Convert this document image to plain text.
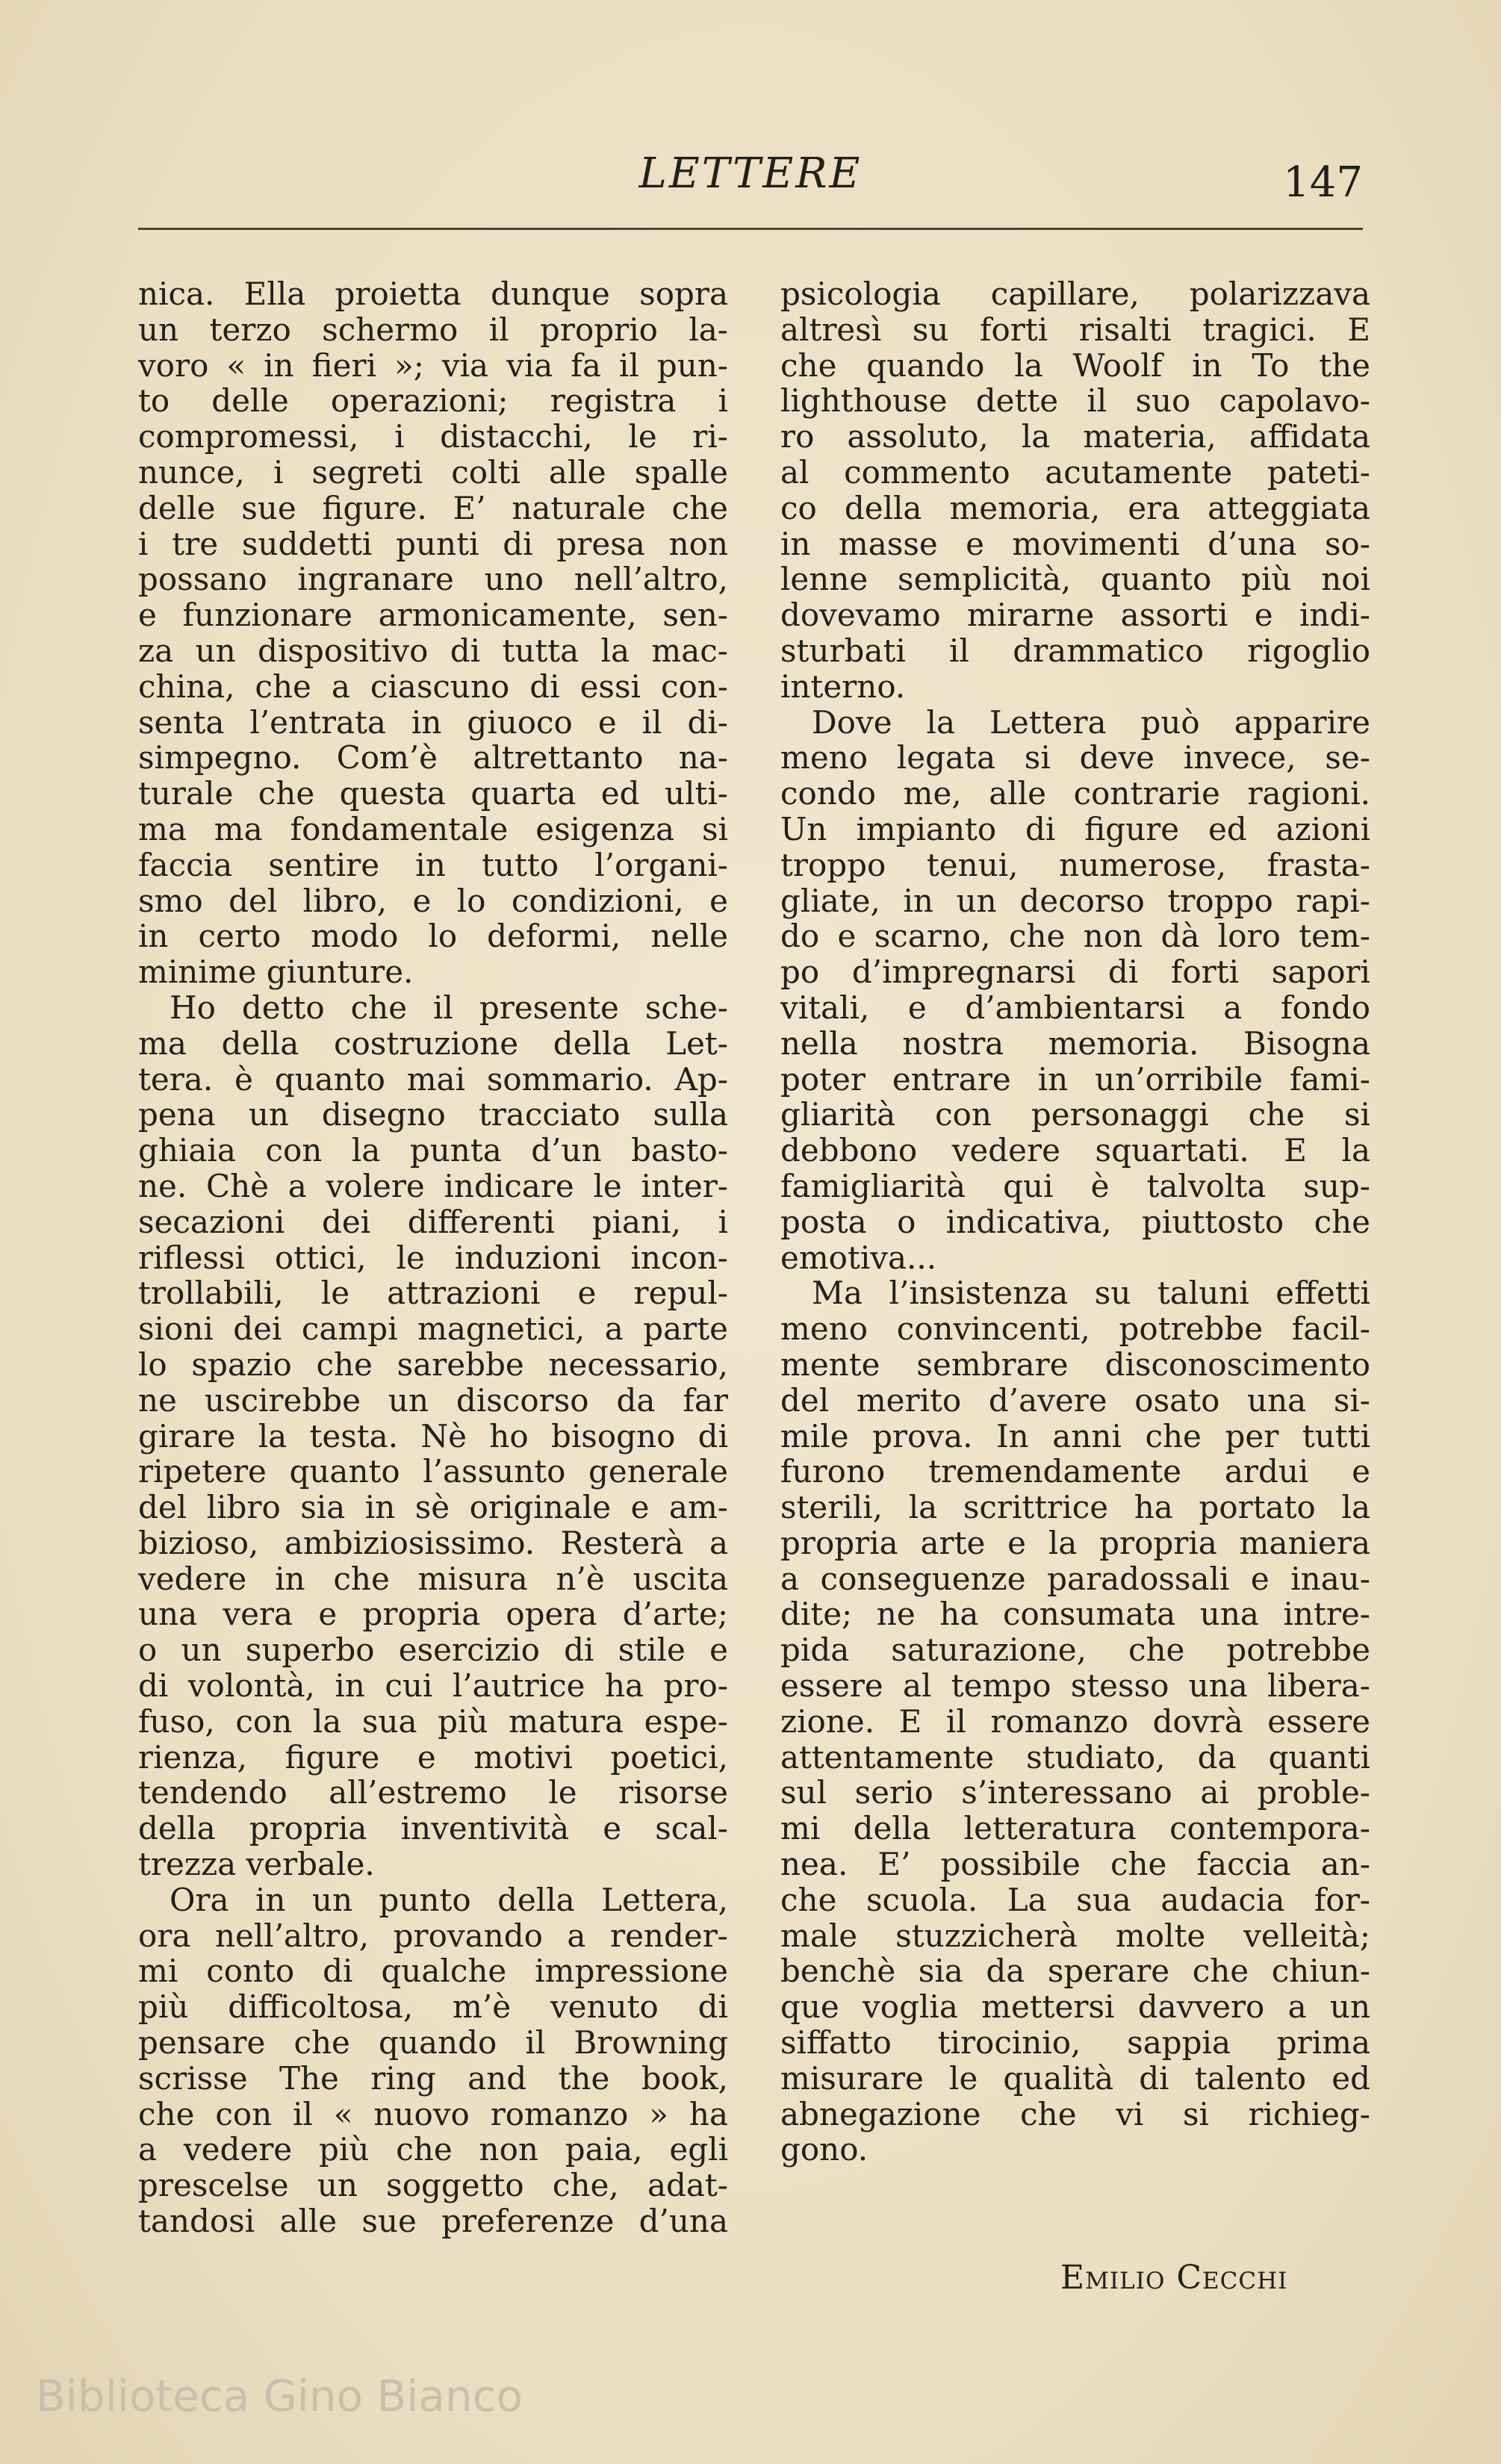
LETTERE	147
nica. Ella proietta dunque sopra
un terzo schermo il proprio la-
voro « in fieri »; via via fa il pun-
to delle operazioni; registra i
compromessi, i distacchi, le ri-
nunce, i segreti colti alle spalle
delle sue figure. E’ naturale che
i tre suddetti punti di presa non
possano ingranare uno nell’altro,
e funzionare armonicamente, sen-
za un dispositivo di tutta la mac-
china, che a ciascuno di essi con-
senta l’entrata in giuoco e il di-
simpegno. Com’è altrettanto na-
turale che questa quarta ed ulti-
ma ma fondamentale esigenza si
faccia sentire in tutto l’organi-
smo del libro, e lo condizioni, e
in certo modo lo deformi, nelle
minime giunture.
Ho detto che il presente sche-
ma della costruzione della Let-
tera. è quanto mai sommario. Ap-
pena un disegno tracciato sulla
ghiaia con la punta d’un basto-
ne. Chè a volere indicare le inter-
secazioni dei differenti piani, i
riflessi ottici, le induzioni incon-
trollabili, le attrazioni e repul-
sioni dei campi magnetici, a parte
lo spazio che sarebbe necessario,
ne uscirebbe un discorso da far
girare la testa. Nè ho bisogno di
ripetere quanto l’assunto generale
del libro sia in sè originale e am-
bizioso, ambiziosissimo. Resterà a
vedere in che misura n’è uscita
una vera e propria opera d’arte;
o un superbo esercizio di stile e
di volontà, in cui l’autrice ha pro-
fuso, con la sua più matura espe-
rienza, figure e motivi poetici,
tendendo all’estremo le risorse
della propria inventività e scal-
trezza verbale.
Ora in un punto della Lettera,
ora nell’altro, provando a render-
mi conto di qualche impressione
più difficoltosa, m’è venuto di
pensare che quando il Browning
scrisse The ring and the book,
che con il « nuovo romanzo » ha
a vedere più che non paia, egli
prescelse un soggetto che, adat-
tandosi alle sue preferenze d’una
psicologia capillare, polarizzava
altresì su forti risalti tragici. E
che quando la Woolf in To the
lighthouse dette il suo capolavo-
ro assoluto, la materia, affidata
al commento acutamente pateti-
co della memoria, era atteggiata
in masse e movimenti d’una so-
lenne semplicità, quanto più noi
dovevamo mirarne assorti e indi-
sturbati il drammatico rigoglio
interno.
Dove la Lettera può apparire
meno legata si deve invece, se-
condo me, alle contrarie ragioni.
Un impianto di figure ed azioni
troppo tenui, numerose, frasta-
gliate, in un decorso troppo rapi-
do e scarno, che non dà loro tem-
po d’impregnarsi di forti sapori
vitali, e d’ambientarsi a fondo
nella nostra memoria. Bisogna
poter entrare in un’orribile fami-
gliarità con personaggi che si
debbono vedere squartati. E la
famigliarità qui è talvolta sup-
posta o indicativa, piuttosto che
emotiva...
Ma l’insistenza su taluni effetti
meno convincenti, potrebbe facil-
mente sembrare disconoscimento
del merito d’avere osato una si-
mile prova. In anni che per tutti
furono tremendamente ardui e
sterili, la scrittrice ha portato la
propria arte e la propria maniera
a conseguenze paradossali e inau-
dite; ne ha consumata una intre-
pida saturazione, che potrebbe
essere al tempo stesso una libera-
zione. E il romanzo dovrà essere
attentamente studiato, da quanti
sul serio s’interessano ai proble-
mi della letteratura contempora-
nea. E’ possibile che faccia an-
che scuola. La sua audacia for-
male stuzzicherà molte velleità;
benchè sia da sperare che chiun-
que voglia mettersi davvero a un
siffatto tirocinio, sappia prima
misurare le qualità di talento ed
abnegazione che vi si richieg-
gono.
Emilio Cecchi
Biblioteca Gino Bianco
